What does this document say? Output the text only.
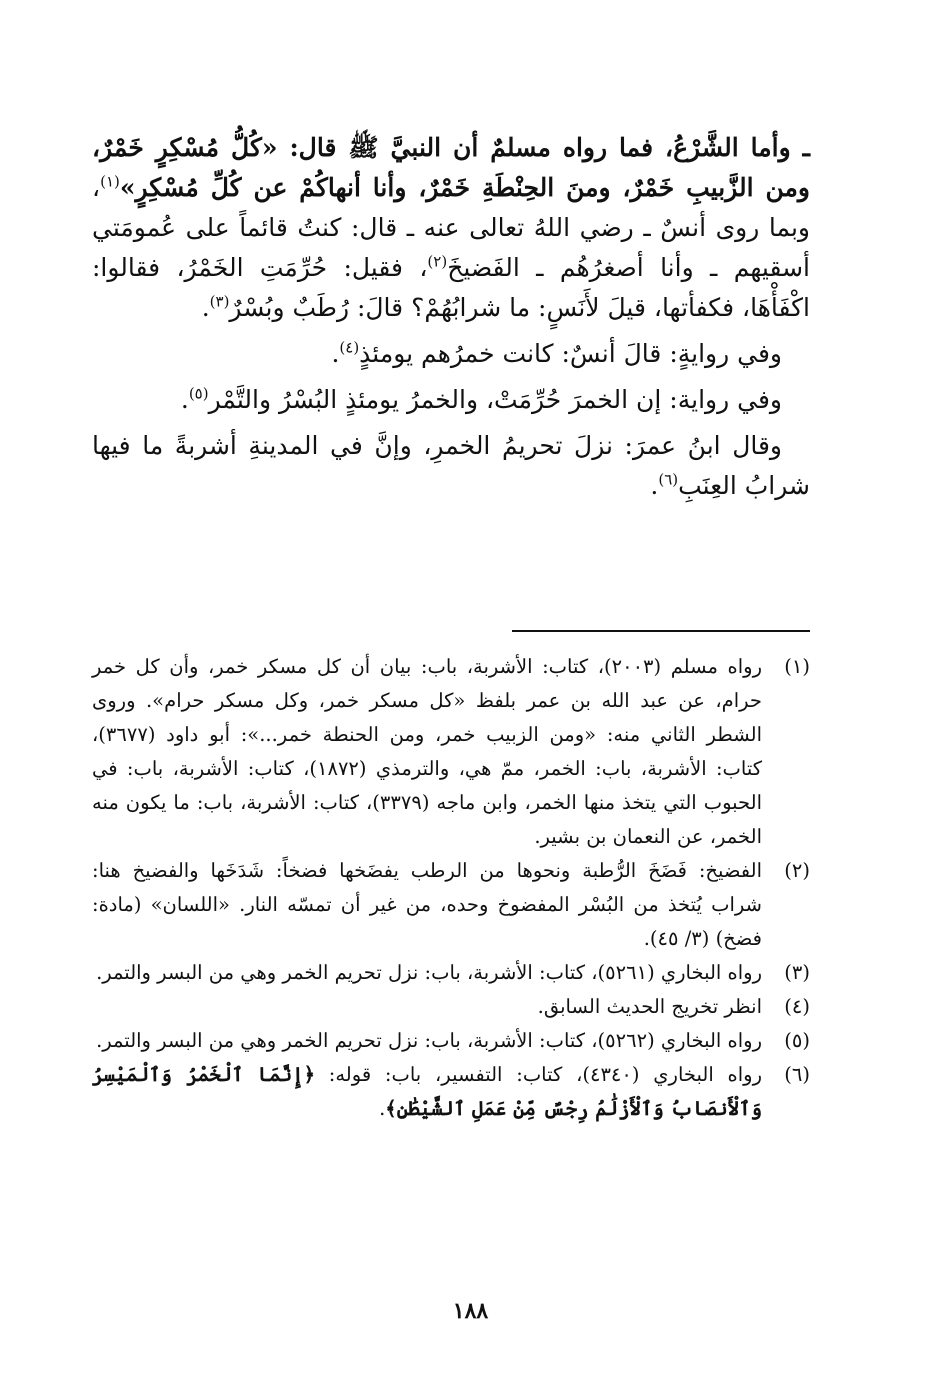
ـ وأما الشَّرْعُ، فما رواه مسلمٌ أن النبيَّ ﷺ قال: «كُلُّ مُسْكِرٍ خَمْرٌ، ومن الزَّبيبِ خَمْرٌ، ومنَ الحِنْطَةِ خَمْرٌ، وأنا أنهاكُمْ عن كُلِّ مُسْكِرٍ»$^{(١)}$، وبما روى أنسٌ ـ رضي اللهُ تعالى عنه ـ قال: كنتُ قائماً على عُمومَتي أسقيهم ـ وأنا أصغرُهُم ـ الفَضيخَ$^{(٢)}$، فقيل: حُرِّمَتِ الخَمْرُ، فقالوا: اكْفَأْهَا، فكفأتها، قيلَ لأَنَسٍ: ما شرابُهُمْ؟ قالَ: رُطَبٌ وبُسْرٌ$^{(٣)}$.

وفي روايةٍ: قالَ أنسٌ: كانت خمرُهم يومئذٍ$^{(٤)}$.

وفي رواية: إن الخمرَ حُرِّمَتْ، والخمرُ يومئذٍ البُسْرُ والتَّمْر$^{(٥)}$.

وقال ابنُ عمرَ: نزلَ تحريمُ الخمرِ، وإنَّ في المدينةِ أشربةً ما فيها شرابُ العِنَبِ$^{(٦)}$.

(١)
رواه مسلم (٢٠٠٣)، كتاب: الأشربة، باب: بيان أن كل مسكر خمر، وأن كل خمر حرام، عن عبد الله بن عمر بلفظ «كل مسكر خمر، وكل مسكر حرام». وروى الشطر الثاني منه: «ومن الزبيب خمر، ومن الحنطة خمر...»: أبو داود (٣٦٧٧)، كتاب: الأشربة، باب: الخمر، ممّ هي، والترمذي (١٨٧٢)، كتاب: الأشربة، باب: في الحبوب التي يتخذ منها الخمر، وابن ماجه (٣٣٧٩)، كتاب: الأشربة، باب: ما يكون منه الخمر، عن النعمان بن بشير.
(٢)
الفضيخ: فَضَخَ الرُّطبة ونحوها من الرطب يفضَخها فضخاً: شَدَخَها والفضيخ هنا: شراب يُتخذ من البُسْر المفضوخ وحده، من غير أن تمسّه النار. «اللسان» (مادة: فضخ) (٣/ ٤٥).
(٣)
رواه البخاري (٥٢٦١)، كتاب: الأشربة، باب: نزل تحريم الخمر وهي من البسر والتمر.
(٤)
انظر تخريج الحديث السابق.
(٥)
رواه البخاري (٥٢٦٢)، كتاب: الأشربة، باب: نزل تحريم الخمر وهي من البسر والتمر.
(٦)
رواه البخاري (٤٣٤٠)، كتاب: التفسير، باب: قوله: ﴿إِنَّمَا ٱلْخَمْرُ وَٱلْمَيْسِرُ وَٱلْأَنصَابُ وَٱلْأَزْلَٰمُ رِجْسٌ مِّنْ عَمَلِ ٱلشَّيْطَٰنِ﴾.
١٨٨
